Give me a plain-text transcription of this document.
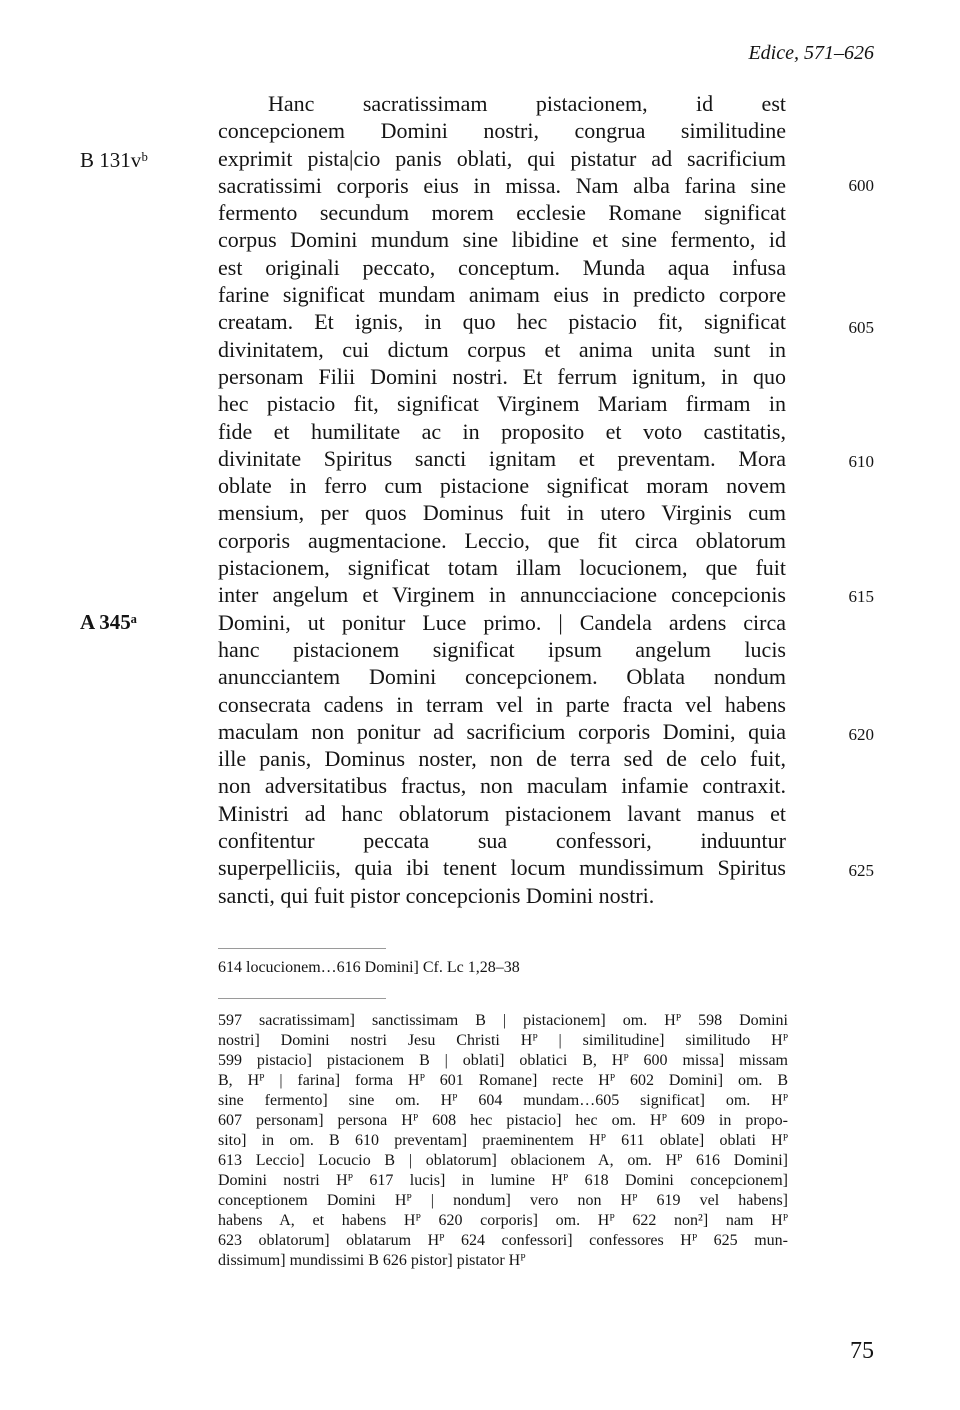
Edice, 571–626
B 131vᵇ
A 345ᵃ
Hanc sacratissimam pistacionem, id est
concepcionem Domini nostri, congrua similitudine
exprimit pista|cio panis oblati, qui pistatur ad sacrificium
sacratissimi corporis eius in missa. Nam alba farina sine
fermento secundum morem ecclesie Romane significat
corpus Domini mundum sine libidine et sine fermento, id
est originali peccato, conceptum. Munda aqua infusa
farine significat mundam animam eius in predicto corpore
creatam. Et ignis, in quo hec pistacio fit, significat
divinitatem, cui dictum corpus et anima unita sunt in
personam Filii Domini nostri. Et ferrum ignitum, in quo
hec pistacio fit, significat Virginem Mariam firmam in
fide et humilitate ac in proposito et voto castitatis,
divinitate Spiritus sancti ignitam et preventam. Mora
oblate in ferro cum pistacione significat moram novem
mensium, per quos Dominus fuit in utero Virginis cum
corporis augmentacione. Leccio, que fit circa oblatorum
pistacionem, significat totam illam locucionem, que fuit
inter angelum et Virginem in annuncciacione concepcionis
Domini, ut ponitur Luce primo. | Candela ardens circa
hanc pistacionem significat ipsum angelum lucis
anuncciantem Domini concepcionem. Oblata nondum
consecrata cadens in terram vel in parte fracta vel habens
maculam non ponitur ad sacrificium corporis Domini, quia
ille panis, Dominus noster, non de terra sed de celo fuit,
non adversitatibus fractus, non maculam infamie contraxit.
Ministri ad hanc oblatorum pistacionem lavant manus et
confitentur peccata sua confessori, induuntur
superpelliciis, quia ibi tenent locum mundissimum Spiritus
sancti, qui fuit pistor concepcionis Domini nostri.
600
605
610
615
620
625
614 locucionem…616 Domini] Cf. Lc 1,28–38
597 sacratissimam] sanctissimam B | pistacionem] om. Hᴾ 598 Domini
nostri] Domini nostri Jesu Christi Hᴾ | similitudine] similitudo Hᴾ
599 pistacio] pistacionem B | oblati] oblatici B, Hᴾ 600 missa] missam
B, Hᴾ | farina] forma Hᴾ 601 Romane] recte Hᴾ 602 Domini] om. B
sine fermento] sine om. Hᴾ 604 mundam…605 significat] om. Hᴾ
607 personam] persona Hᴾ 608 hec pistacio] hec om. Hᴾ 609 in propo-
sito] in om. B 610 preventam] praeminentem Hᴾ 611 oblate] oblati Hᴾ
613 Leccio] Locucio B | oblatorum] oblacionem A, om. Hᴾ 616 Domini]
Domini nostri Hᴾ 617 lucis] in lumine Hᴾ 618 Domini concepcionem]
conceptionem Domini Hᴾ | nondum] vero non Hᴾ 619 vel habens]
habens A, et habens Hᴾ 620 corporis] om. Hᴾ 622 non²] nam Hᴾ
623 oblatorum] oblatarum Hᴾ 624 confessori] confessores Hᴾ 625 mun-
dissimum] mundissimi B 626 pistor] pistator Hᴾ
75
